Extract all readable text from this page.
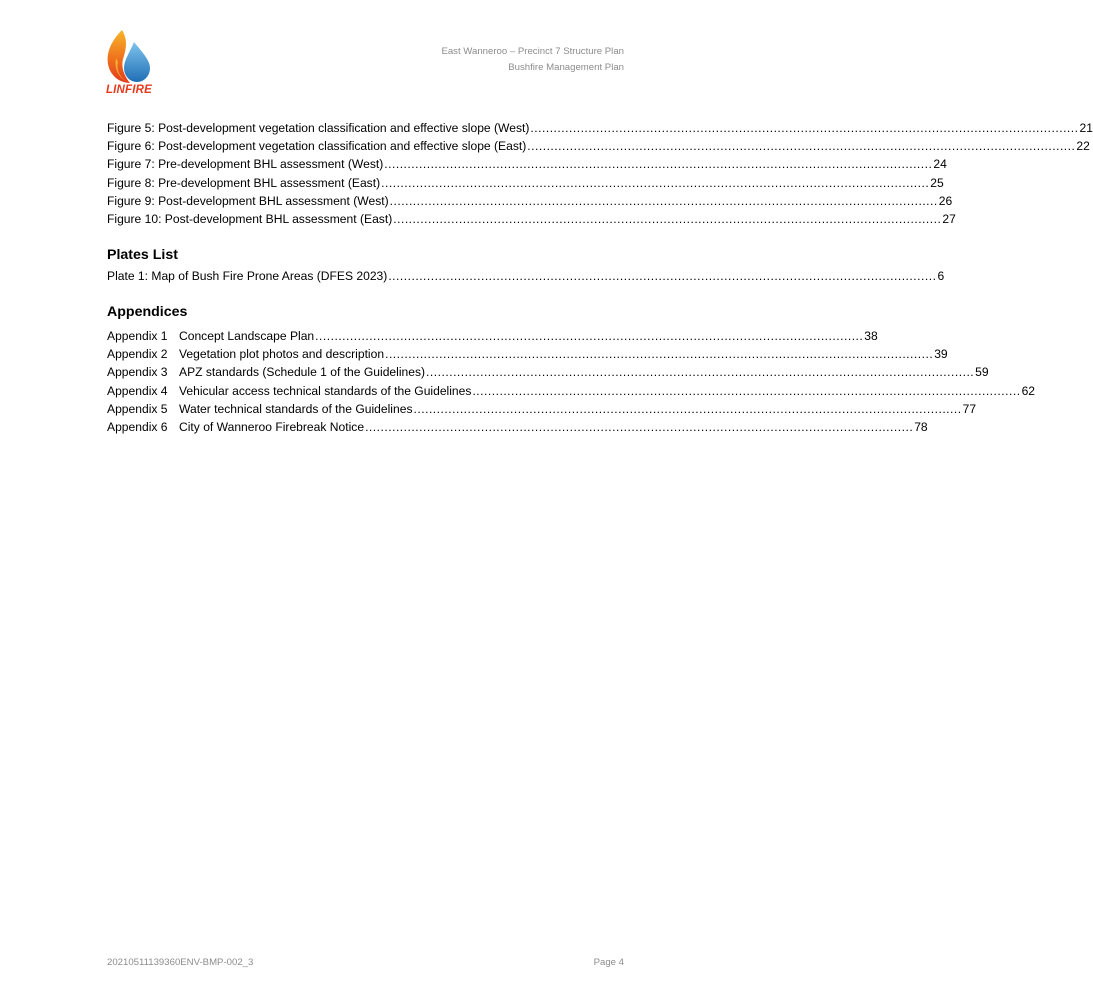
LINFIRE
East Wanneroo – Precinct 7 Structure Plan
Bushfire Management Plan
Figure 5: Post-development vegetation classification and effective slope (West) .............................................................................................................................................. 21
Figure 6: Post-development vegetation classification and effective slope (East) .............................................................................................................................................. 22
Figure 7: Pre-development BHL assessment (West) .............................................................................................................................................. 24
Figure 8: Pre-development BHL assessment (East) .............................................................................................................................................. 25
Figure 9: Post-development BHL assessment (West) .............................................................................................................................................. 26
Figure 10: Post-development BHL assessment (East) .............................................................................................................................................. 27
Plates List
Plate 1: Map of Bush Fire Prone Areas (DFES 2023) .............................................................................................................................................. 6
Appendices
Appendix 1 Concept Landscape Plan .............................................................................................................................................. 38
Appendix 2 Vegetation plot photos and description .............................................................................................................................................. 39
Appendix 3 APZ standards (Schedule 1 of the Guidelines) .............................................................................................................................................. 59
Appendix 4 Vehicular access technical standards of the Guidelines .............................................................................................................................................. 62
Appendix 5 Water technical standards of the Guidelines .............................................................................................................................................. 77
Appendix 6 City of Wanneroo Firebreak Notice .............................................................................................................................................. 78
20210511139360ENV-BMP-002_3	Page 4
